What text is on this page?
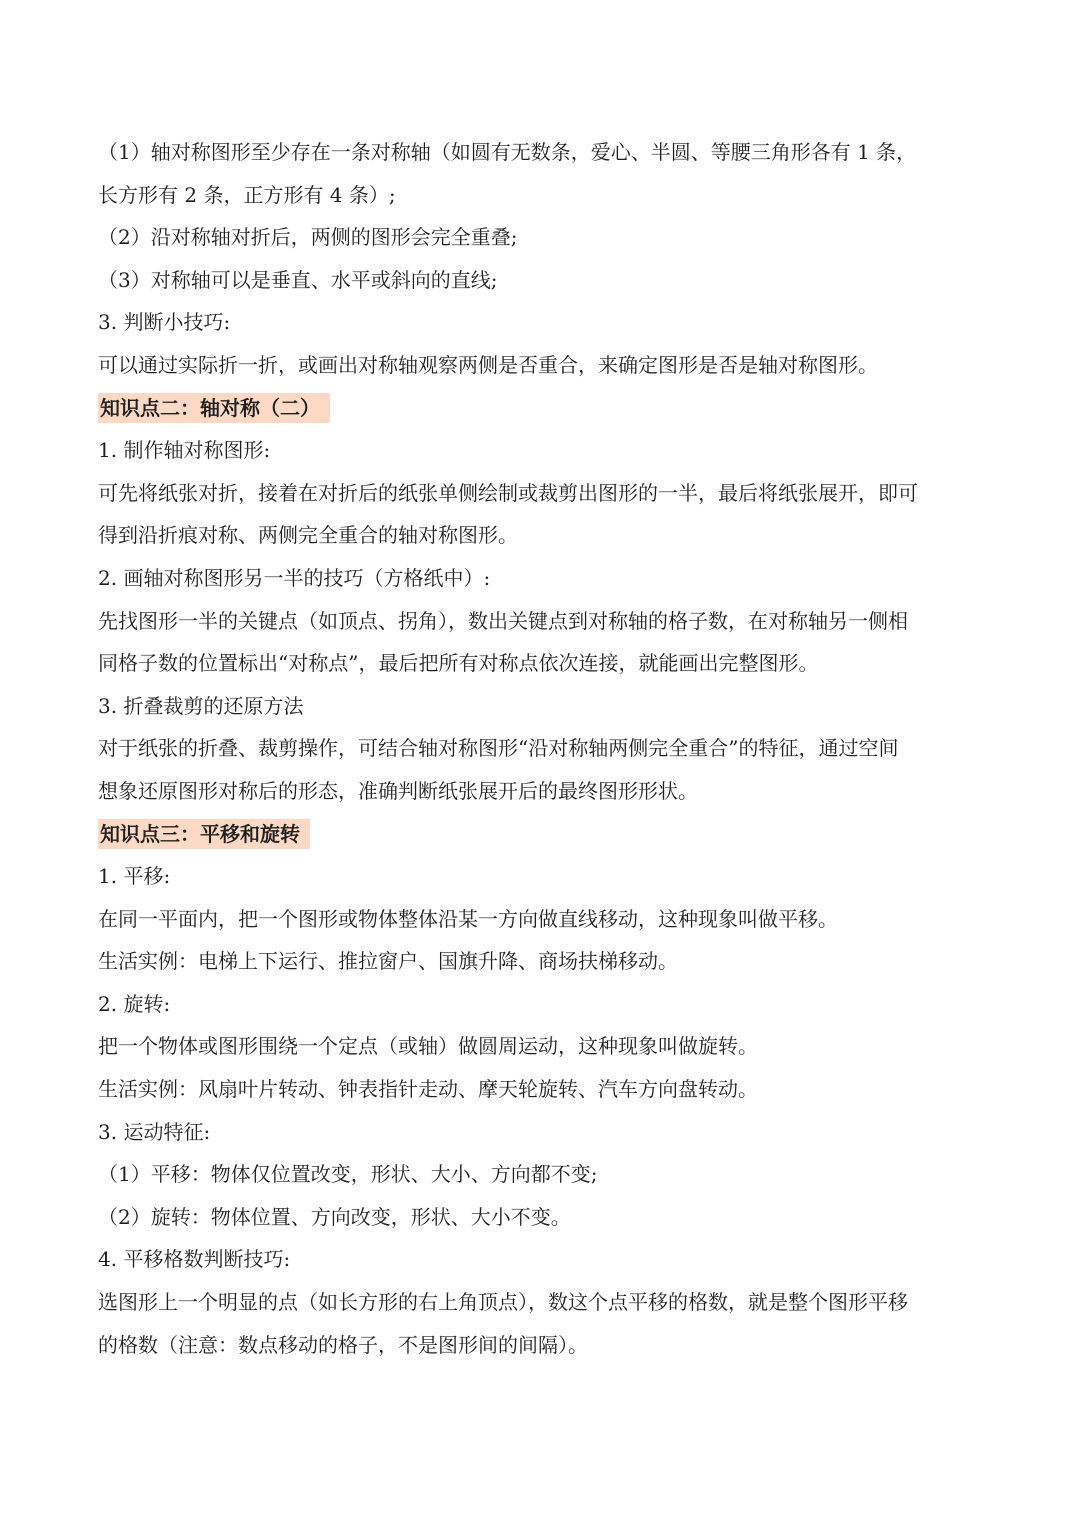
（1）轴对称图形至少存在一条对称轴（如圆有无数条，爱心、半圆、等腰三角形各有 1 条，
长方形有 2 条，正方形有 4 条）;
（2）沿对称轴对折后，两侧的图形会完全重叠;
（3）对称轴可以是垂直、水平或斜向的直线;
3. 判断小技巧:
可以通过实际折一折，或画出对称轴观察两侧是否重合，来确定图形是否是轴对称图形。
知识点二：轴对称（二）
1. 制作轴对称图形:
可先将纸张对折，接着在对折后的纸张单侧绘制或裁剪出图形的一半，最后将纸张展开，即可
得到沿折痕对称、两侧完全重合的轴对称图形。
2. 画轴对称图形另一半的技巧（方格纸中）:
先找图形一半的关键点（如顶点、拐角），数出关键点到对称轴的格子数，在对称轴另一侧相
同格子数的位置标出“对称点”，最后把所有对称点依次连接，就能画出完整图形。
3. 折叠裁剪的还原方法
对于纸张的折叠、裁剪操作，可结合轴对称图形“沿对称轴两侧完全重合”的特征，通过空间
想象还原图形对称后的形态，准确判断纸张展开后的最终图形形状。
知识点三：平移和旋转
1. 平移:
在同一平面内，把一个图形或物体整体沿某一方向做直线移动，这种现象叫做平移。
生活实例：电梯上下运行、推拉窗户、国旗升降、商场扶梯移动。
2. 旋转:
把一个物体或图形围绕一个定点（或轴）做圆周运动，这种现象叫做旋转。
生活实例：风扇叶片转动、钟表指针走动、摩天轮旋转、汽车方向盘转动。
3. 运动特征:
（1）平移：物体仅位置改变，形状、大小、方向都不变;
（2）旋转：物体位置、方向改变，形状、大小不变。
4. 平移格数判断技巧:
选图形上一个明显的点（如长方形的右上角顶点），数这个点平移的格数，就是整个图形平移
的格数（注意：数点移动的格子，不是图形间的间隔）。
